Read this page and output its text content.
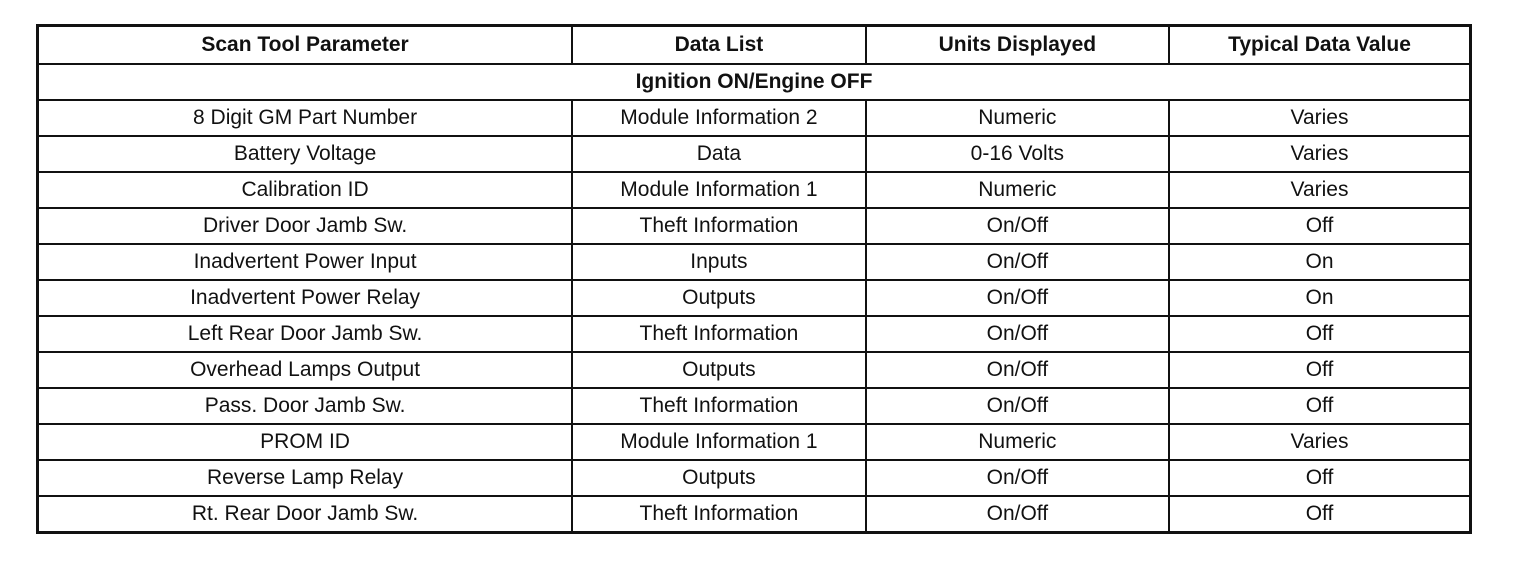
Scan Tool Parameter	Data List	Units Displayed	Typical Data Value
Ignition ON/Engine OFF			
8 Digit GM Part Number	Module Information 2	Numeric	Varies
Battery Voltage	Data	0-16 Volts	Varies
Calibration ID	Module Information 1	Numeric	Varies
Driver Door Jamb Sw.	Theft Information	On/Off	Off
Inadvertent Power Input	Inputs	On/Off	On
Inadvertent Power Relay	Outputs	On/Off	On
Left Rear Door Jamb Sw.	Theft Information	On/Off	Off
Overhead Lamps Output	Outputs	On/Off	Off
Pass. Door Jamb Sw.	Theft Information	On/Off	Off
PROM ID	Module Information 1	Numeric	Varies
Reverse Lamp Relay	Outputs	On/Off	Off
Rt. Rear Door Jamb Sw.	Theft Information	On/Off	Off
